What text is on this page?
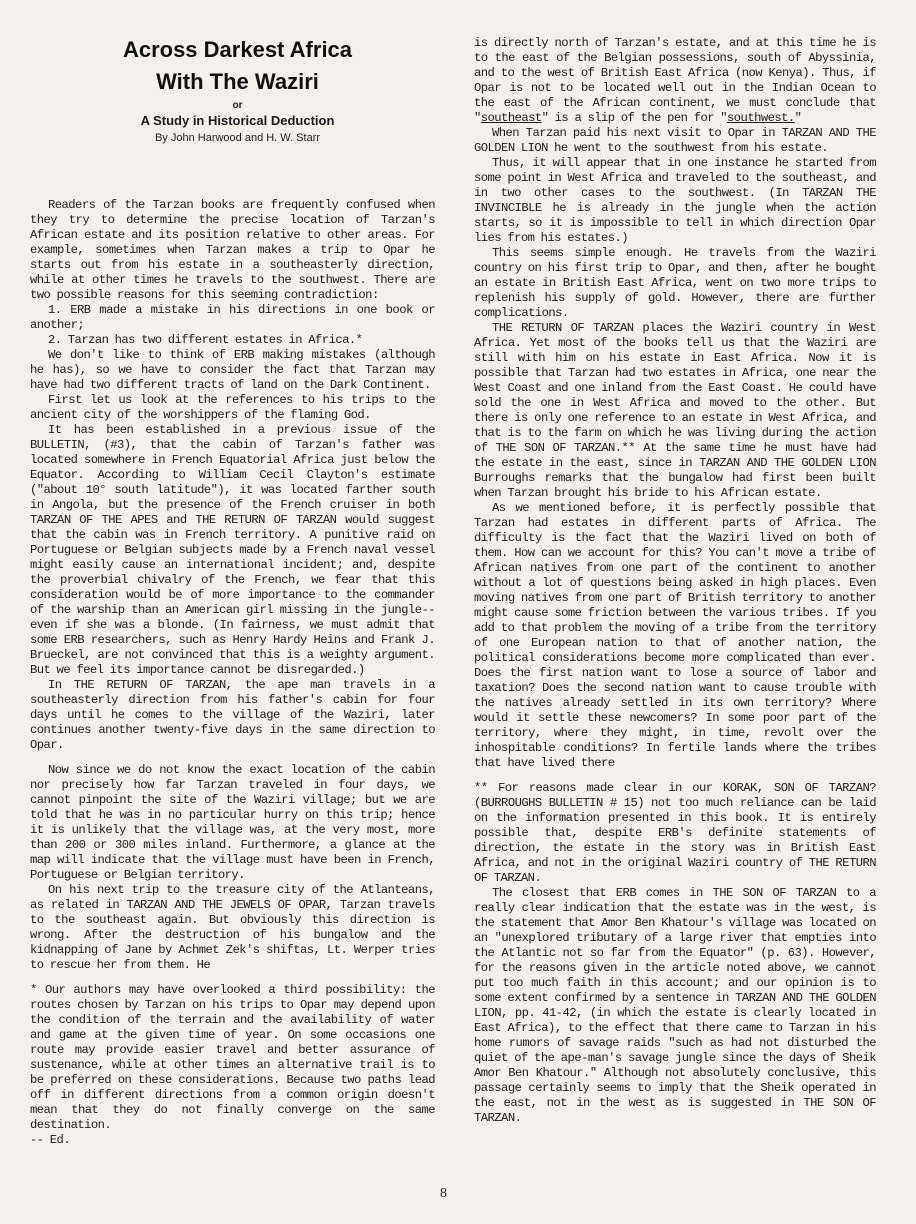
Across Darkest Africa

With The Waziri

or

A Study in Historical Deduction

By John Harwood and H. W. Starr

Readers of the Tarzan books are frequently confused when they try to determine the precise location of Tarzan's African estate and its position relative to other areas. For example, sometimes when Tarzan makes a trip to Opar he starts out from his estate in a southeasterly direction, while at other times he travels to the southwest. There are two possible reasons for this seeming contradiction:

1. ERB made a mistake in his directions in one book or another;

2. Tarzan has two different estates in Africa.*

We don't like to think of ERB making mistakes (although he has), so we have to consider the fact that Tarzan may have had two different tracts of land on the Dark Continent.

First let us look at the references to his trips to the ancient city of the worshippers of the flaming God.

It has been established in a previous issue of the BULLETIN, (#3), that the cabin of Tarzan's father was located somewhere in French Equatorial Africa just below the Equator. According to William Cecil Clayton's estimate ("about 10° south latitude"), it was located farther south in Angola, but the presence of the French cruiser in both TARZAN OF THE APES and THE RETURN OF TARZAN would suggest that the cabin was in French territory. A punitive raid on Portuguese or Belgian subjects made by a French naval vessel might easily cause an international incident; and, despite the proverbial chivalry of the French, we fear that this consideration would be of more importance to the commander of the warship than an American girl missing in the jungle--even if she was a blonde. (In fairness, we must admit that some ERB researchers, such as Henry Hardy Heins and Frank J. Brueckel, are not convinced that this is a weighty argument. But we feel its importance cannot be disregarded.)

In THE RETURN OF TARZAN, the ape man travels in a southeasterly direction from his father's cabin for four days until he comes to the village of the Waziri, later continues another twenty-five days in the same direction to Opar.

Now since we do not know the exact location of the cabin nor precisely how far Tarzan traveled in four days, we cannot pinpoint the site of the Waziri village; but we are told that he was in no particular hurry on this trip; hence it is unlikely that the village was, at the very most, more than 200 or 300 miles inland. Furthermore, a glance at the map will indicate that the village must have been in French, Portuguese or Belgian territory.

On his next trip to the treasure city of the Atlanteans, as related in TARZAN AND THE JEWELS OF OPAR, Tarzan travels to the southeast again. But obviously this direction is wrong. After the destruction of his bungalow and the kidnapping of Jane by Achmet Zek's shiftas, Lt. Werper tries to rescue her from them. He

* Our authors may have overlooked a third possibility: the routes chosen by Tarzan on his trips to Opar may depend upon the condition of the terrain and the availability of water and game at the given time of year. On some occasions one route may provide easier travel and better assurance of sustenance, while at other times an alternative trail is to be preferred on these considerations. Because two paths lead off in different directions from a common origin doesn't mean that they do not finally converge on the same destination.

-- Ed.

is directly north of Tarzan's estate, and at this time he is to the east of the Belgian possessions, south of Abyssinia, and to the west of British East Africa (now Kenya). Thus, if Opar is not to be located well out in the Indian Ocean to the east of the African continent, we must conclude that "southeast" is a slip of the pen for "southwest."

When Tarzan paid his next visit to Opar in TARZAN AND THE GOLDEN LION he went to the southwest from his estate.

Thus, it will appear that in one instance he started from some point in West Africa and traveled to the southeast, and in two other cases to the southwest. (In TARZAN THE INVINCIBLE he is already in the jungle when the action starts, so it is impossible to tell in which direction Opar lies from his estates.)

This seems simple enough. He travels from the Waziri country on his first trip to Opar, and then, after he bought an estate in British East Africa, went on two more trips to replenish his supply of gold. However, there are further complications.

THE RETURN OF TARZAN places the Waziri country in West Africa. Yet most of the books tell us that the Waziri are still with him on his estate in East Africa. Now it is possible that Tarzan had two estates in Africa, one near the West Coast and one inland from the East Coast. He could have sold the one in West Africa and moved to the other. But there is only one reference to an estate in West Africa, and that is to the farm on which he was living during the action of THE SON OF TARZAN.** At the same time he must have had the estate in the east, since in TARZAN AND THE GOLDEN LION Burroughs remarks that the bungalow had first been built when Tarzan brought his bride to his African estate.

As we mentioned before, it is perfectly possible that Tarzan had estates in different parts of Africa. The difficulty is the fact that the Waziri lived on both of them. How can we account for this? You can't move a tribe of African natives from one part of the continent to another without a lot of questions being asked in high places. Even moving natives from one part of British territory to another might cause some friction between the various tribes. If you add to that problem the moving of a tribe from the territory of one European nation to that of another nation, the political considerations become more complicated than ever. Does the first nation want to lose a source of labor and taxation? Does the second nation want to cause trouble with the natives already settled in its own territory? Where would it settle these newcomers? In some poor part of the territory, where they might, in time, revolt over the inhospitable conditions? In fertile lands where the tribes that have lived there

** For reasons made clear in our KORAK, SON OF TARZAN? (BURROUGHS BULLETIN # 15) not too much reliance can be laid on the information presented in this book. It is entirely possible that, despite ERB's definite statements of direction, the estate in the story was in British East Africa, and not in the original Waziri country of THE RETURN OF TARZAN.

The closest that ERB comes in THE SON OF TARZAN to a really clear indication that the estate was in the west, is the statement that Amor Ben Khatour's village was located on an "unexplored tributary of a large river that empties into the Atlantic not so far from the Equator" (p. 63). However, for the reasons given in the article noted above, we cannot put too much faith in this account; and our opinion is to some extent confirmed by a sentence in TARZAN AND THE GOLDEN LION, pp. 41-42, (in which the estate is clearly located in East Africa), to the effect that there came to Tarzan in his home rumors of savage raids "such as had not disturbed the quiet of the ape-man's savage jungle since the days of Sheik Amor Ben Khatour." Although not absolutely conclusive, this passage certainly seems to imply that the Sheik operated in the east, not in the west as is suggested in THE SON OF TARZAN.

8
